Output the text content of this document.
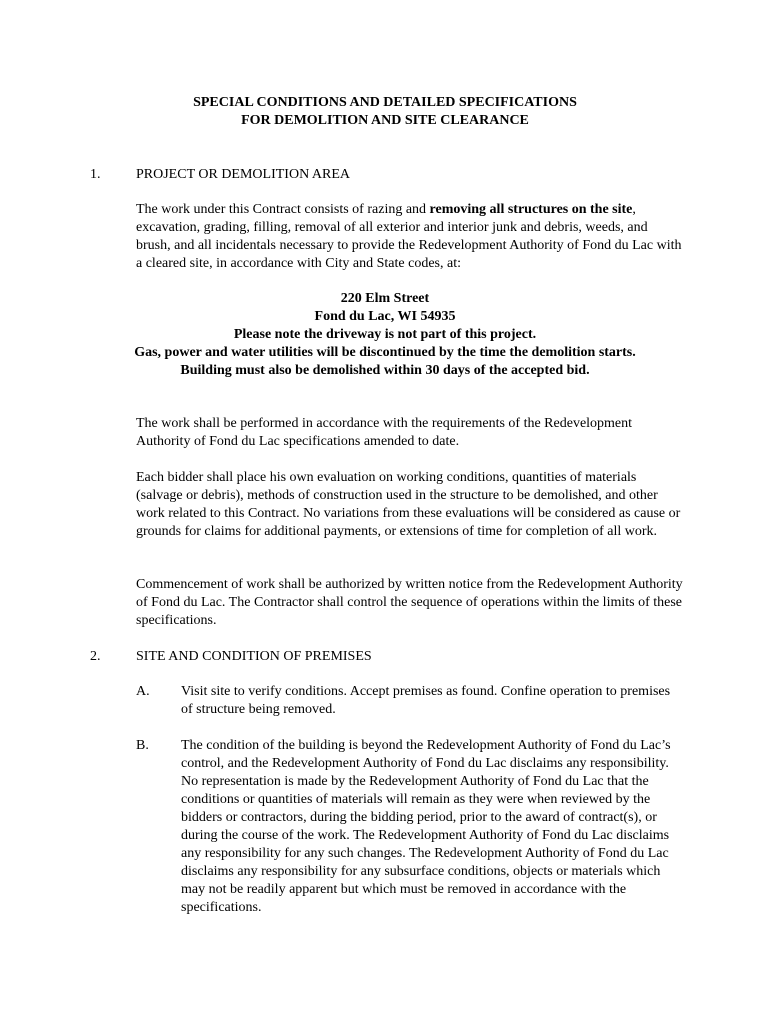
SPECIAL CONDITIONS AND DETAILED SPECIFICATIONS
FOR DEMOLITION AND SITE CLEARANCE
1.	PROJECT OR DEMOLITION AREA

The work under this Contract consists of razing and removing all structures on the site, excavation, grading, filling, removal of all exterior and interior junk and debris, weeds, and brush, and all incidentals necessary to provide the Redevelopment Authority of Fond du Lac with a cleared site, in accordance with City and State codes, at:

220 Elm Street
Fond du Lac, WI 54935
Please note the driveway is not part of this project.
Gas, power and water utilities will be discontinued by the time the demolition starts.
Building must also be demolished within 30 days of the accepted bid.

The work shall be performed in accordance with the requirements of the Redevelopment Authority of Fond du Lac specifications amended to date.

Each bidder shall place his own evaluation on working conditions, quantities of materials (salvage or debris), methods of construction used in the structure to be demolished, and other work related to this Contract. No variations from these evaluations will be considered as cause or grounds for claims for additional payments, or extensions of time for completion of all work.

Commencement of work shall be authorized by written notice from the Redevelopment Authority of Fond du Lac. The Contractor shall control the sequence of operations within the limits of these specifications.

2.	SITE AND CONDITION OF PREMISES
A. Visit site to verify conditions. Accept premises as found. Confine operation to premises of structure being removed.

B. The condition of the building is beyond the Redevelopment Authority of Fond du Lac’s control, and the Redevelopment Authority of Fond du Lac disclaims any responsibility. No representation is made by the Redevelopment Authority of Fond du Lac that the conditions or quantities of materials will remain as they were when reviewed by the bidders or contractors, during the bidding period, prior to the award of contract(s), or during the course of the work. The Redevelopment Authority of Fond du Lac disclaims any responsibility for any such changes. The Redevelopment Authority of Fond du Lac disclaims any responsibility for any subsurface conditions, objects or materials which may not be readily apparent but which must be removed in accordance with the specifications.
